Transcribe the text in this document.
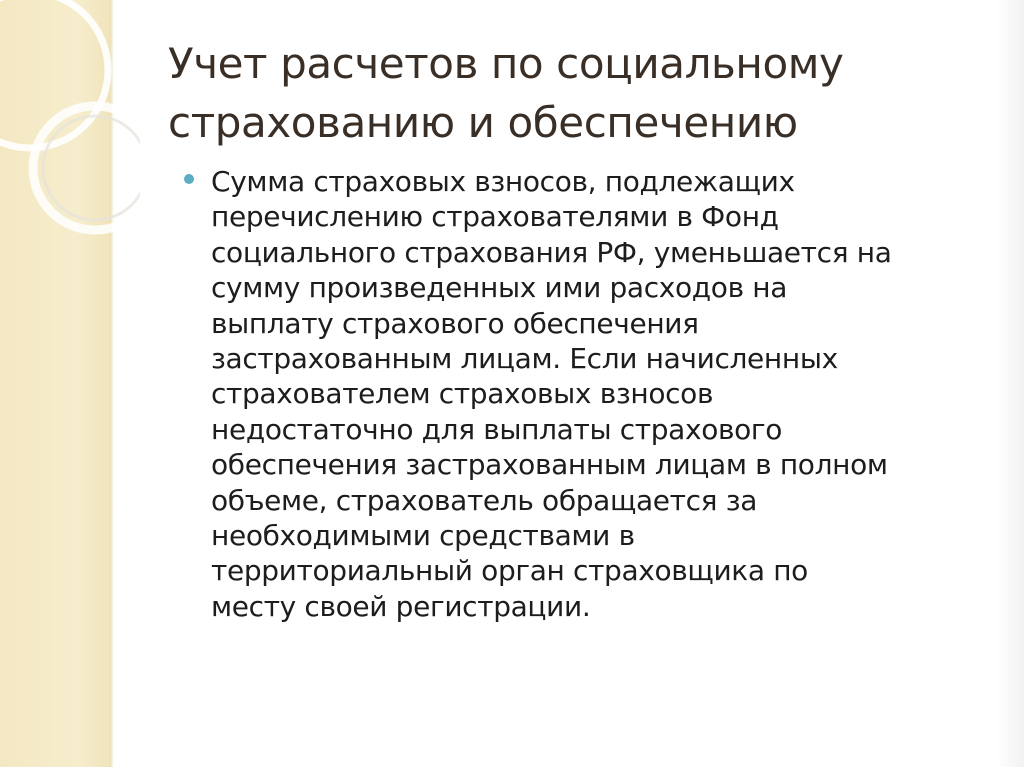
Учет расчетов по социальному
страхованию и обеспечению

Сумма страховых взносов, подлежащих
перечислению страхователями в Фонд
социального страхования РФ, уменьшается на
сумму произведенных ими расходов на
выплату страхового обеспечения
застрахованным лицам. Если начисленных
страхователем страховых взносов
недостаточно для выплаты страхового
обеспечения застрахованным лицам в полном
объеме, страхователь обращается за
необходимыми средствами в
территориальный орган страховщика по
месту своей регистрации.
